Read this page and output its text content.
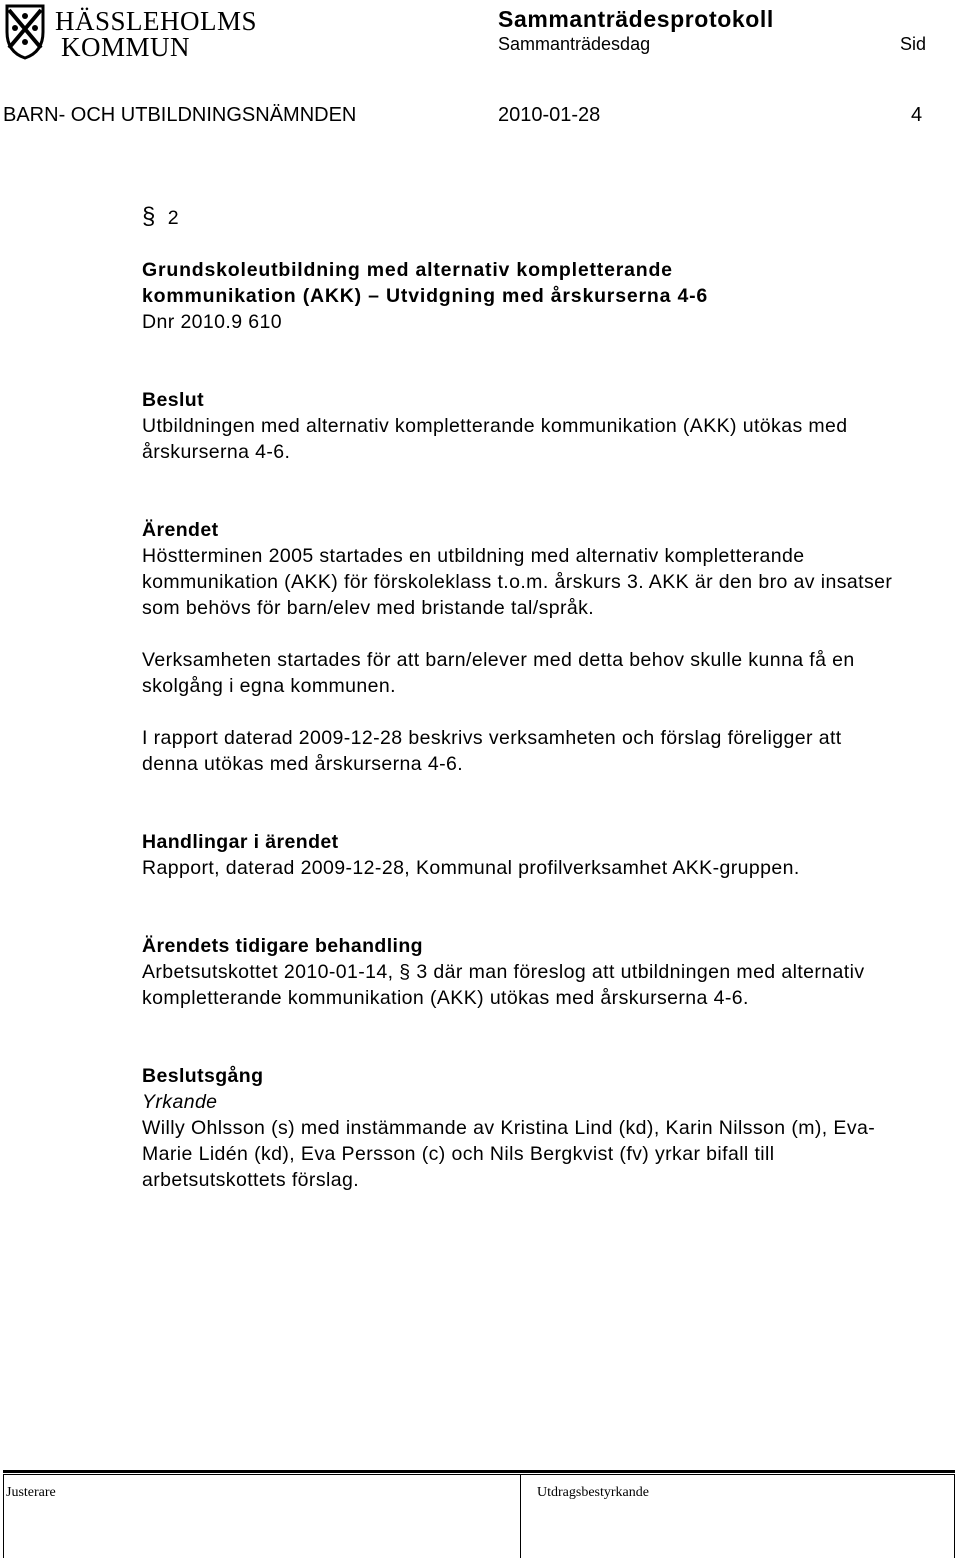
HÄSSLEHOLMS
KOMMUN
Sammanträdesprotokoll
Sammanträdesdag	Sid
BARN- OCH UTBILDNINGSNÄMNDEN	2010-01-28	4
§ 2
Grundskoleutbildning med alternativ kompletterande
kommunikation (AKK) – Utvidgning med årskurserna 4-6
Dnr 2010.9 610
Beslut
Utbildningen med alternativ kompletterande kommunikation (AKK) utökas med årskurserna 4-6.
Ärendet
Höstterminen 2005 startades en utbildning med alternativ kompletterande kommunikation (AKK) för förskoleklass t.o.m. årskurs 3. AKK är den bro av insatser som behövs för barn/elev med bristande tal/språk.
Verksamheten startades för att barn/elever med detta behov skulle kunna få en skolgång i egna kommunen.
I rapport daterad 2009-12-28 beskrivs verksamheten och förslag föreligger att denna utökas med årskurserna 4-6.
Handlingar i ärendet
Rapport, daterad 2009-12-28, Kommunal profilverksamhet AKK-gruppen.
Ärendets tidigare behandling
Arbetsutskottet 2010-01-14, § 3 där man föreslog att utbildningen med alternativ kompletterande kommunikation (AKK) utökas med årskurserna 4-6.
Beslutsgång
Yrkande
Willy Ohlsson (s) med instämmande av Kristina Lind (kd), Karin Nilsson (m), Eva-Marie Lidén (kd), Eva Persson (c) och Nils Bergkvist (fv) yrkar bifall till arbetsutskottets förslag.
Justerare	Utdragsbestyrkande
